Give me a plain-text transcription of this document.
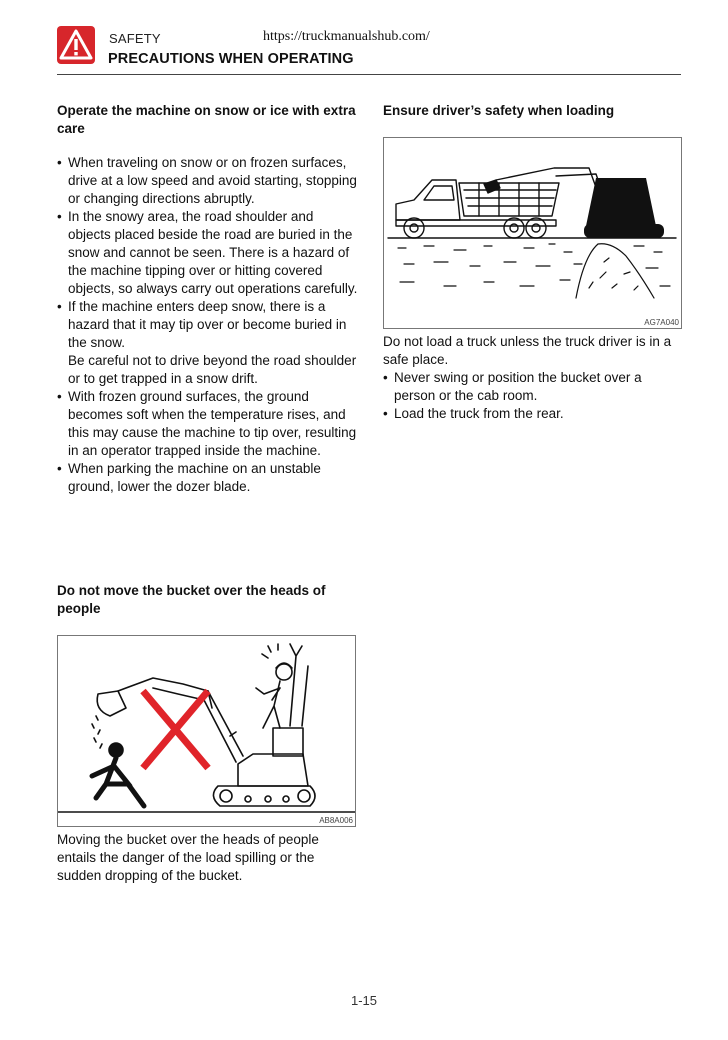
SAFETY	https://truckmanualshub.com/
PRECAUTIONS WHEN OPERATING
Operate the machine on snow or ice with extra care
• When traveling on snow or on frozen surfaces, drive at a low speed and avoid starting, stopping or changing directions abruptly.
• In the snowy area, the road shoulder and objects placed beside the road are buried in the snow and cannot be seen. There is a hazard of the machine tipping over or hitting covered objects, so always carry out operations carefully.
• If the machine enters deep snow, there is a hazard that it may tip over or become buried in the snow.
Be careful not to drive beyond the road shoulder or to get trapped in a snow drift.
• With frozen ground surfaces, the ground becomes soft when the temperature rises, and this may cause the machine to tip over, resulting in an operator trapped inside the machine.
• When parking the machine on an unstable ground, lower the dozer blade.
Do not move the bucket over the heads of people
AB8A006
Moving the bucket over the heads of people entails the danger of the load spilling or the sudden dropping of the bucket.
Ensure driver’s safety when loading
AG7A040
Do not load a truck unless the truck driver is in a safe place.
• Never swing or position the bucket over a person or the cab room.
• Load the truck from the rear.
1-15
